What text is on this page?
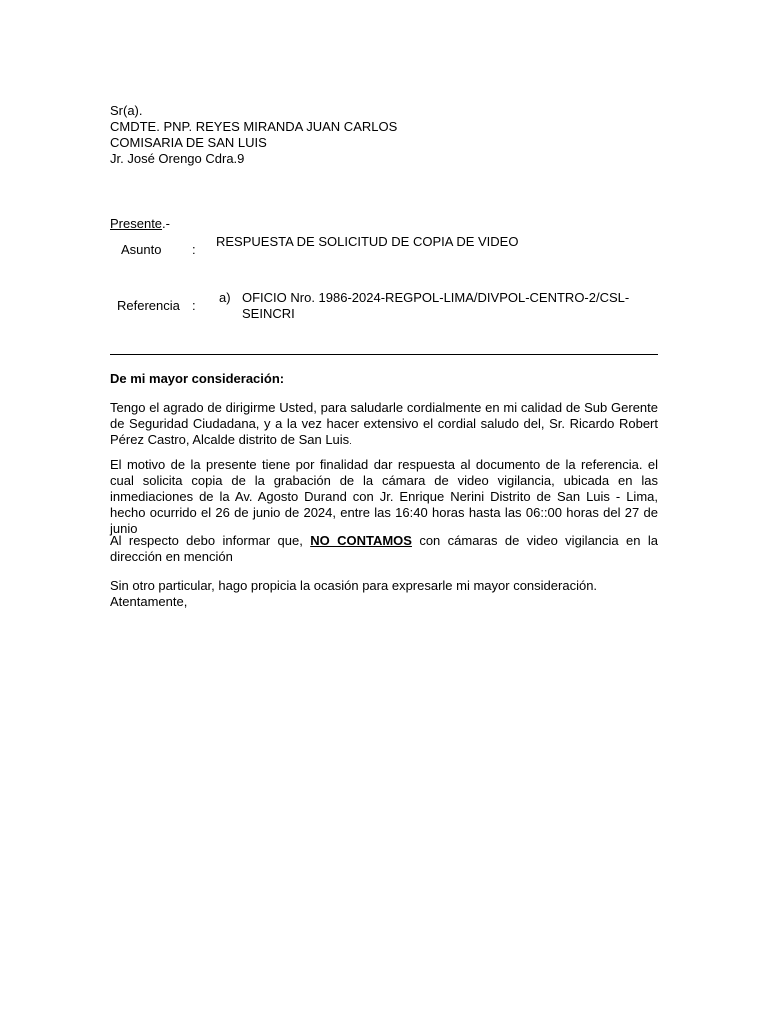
Sr(a).
CMDTE. PNP. REYES MIRANDA JUAN CARLOS
COMISARIA DE SAN LUIS
Jr. José Orengo Cdra.9
Presente.-
Asunto :
RESPUESTA DE SOLICITUD DE COPIA DE VIDEO
Referencia :
a) OFICIO Nro. 1986-2024-REGPOL-LIMA/DIVPOL-CENTRO-2/CSL-SEINCRI
De mi mayor consideración:
Tengo el agrado de dirigirme Usted, para saludarle cordialmente en mi calidad de Sub Gerente de Seguridad Ciudadana, y a la vez hacer extensivo el cordial saludo del, Sr. Ricardo Robert Pérez Castro, Alcalde distrito de San Luis.
El motivo de la presente tiene por finalidad dar respuesta al documento de la referencia. el cual solicita copia de la grabación de la cámara de video vigilancia, ubicada en las inmediaciones de la Av. Agosto Durand con Jr. Enrique Nerini Distrito de San Luis - Lima, hecho ocurrido el 26 de junio de 2024, entre las 16:40 horas hasta las 06::00 horas del 27 de junio
Al respecto debo informar que, NO CONTAMOS con cámaras de video vigilancia en la dirección en mención
Sin otro particular, hago propicia la ocasión para expresarle mi mayor consideración.
Atentamente,
